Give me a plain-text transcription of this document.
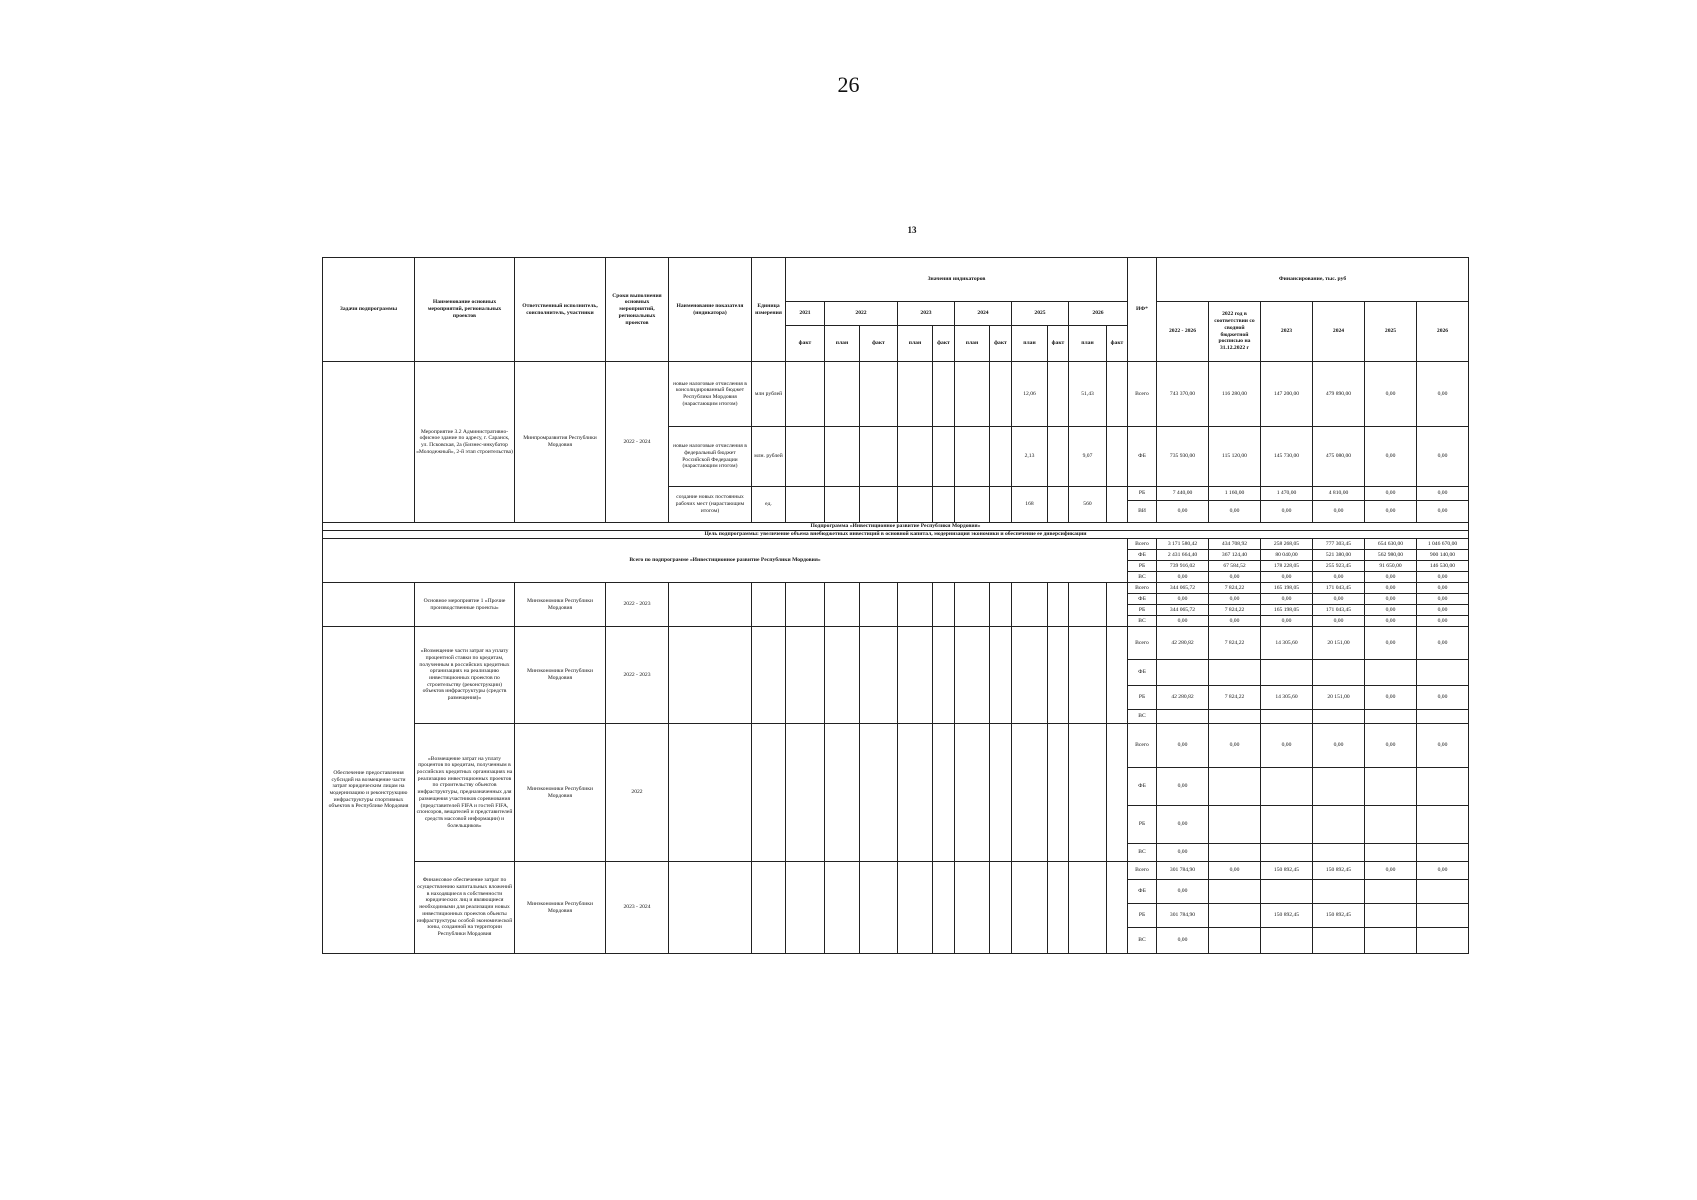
26
13
Задачи подпрограммы	Наименование основных мероприятий, региональных проектов	Ответственный исполнитель, соисполнитель, участники	Сроки выполнения основных мероприятий, региональных проектов	Наименование показателя (индикатора)	Единица измерения	Значения индикаторов											ИФ*	Финансирование, тыс. руб					
						2021	2022		2023		2024		2025		2026			2022 - 2026	2022 год в соответствии со сводной бюджетной росписью на 31.12.2022 г	2023	2024	2025	2026
						факт	план	факт	план	факт	план	факт	план	факт	план	факт							
	Мероприятие 3.2 Административно-офисное здание по адресу, г. Саранск, ул. Псковская, 2а (Бизнес-инкубатор «Молодежный», 2-й этап строительства)	Минпромразвития Республики Мордовия	2022 - 2024	новые налоговые отчисления в консолидированный бюджет Республики Мордовия (нарастающим итогом)	млн рублей								12,06		51,43		Всего	743 370,00	116 280,00	147 200,00	479 890,00	0,00	0,00
				новые налоговые отчисления в федеральный бюджет Российской Федерации (нарастающим итогом)	млн. рублей								2,13		9,07		ФБ	735 930,00	115 120,00	145 730,00	475 080,00	0,00	0,00
				создание новых постоянных рабочих мест (нарастающим итогом)	ед.								168		560		РБ	7 440,00	1 160,00	1 470,00	4 810,00	0,00	0,00
																	ВИ	0,00	0,00	0,00	0,00	0,00	0,00
Подпрограмма «Инвестиционное развитие Республики Мордовия»																							
Цель подпрограммы: увеличение объема внебюджетных инвестиций в основной капитал, модернизация экономики и обеспечение ее диверсификации																							
Всего по подпрограмме «Инвестиционное развитие Республики Мордовия»																	Всего	3 171 580,42	434 708,92	258 268,05	777 303,45	654 630,00	1 046 670,00
																	ФБ	2 431 664,40	367 124,40	80 040,00	521 380,00	562 980,00	900 140,00
																	РБ	739 916,02	67 584,52	178 228,05	255 923,45	91 650,00	146 530,00
																	ВС	0,00	0,00	0,00	0,00	0,00	0,00
	Основное мероприятие 1 «Прочие производственные проекты»	Минэкономики Республики Мордовия	2022 - 2023														Всего	344 065,72	7 824,22	165 198,05	171 043,45	0,00	0,00
																	ФБ	0,00	0,00	0,00	0,00	0,00	0,00
																	РБ	344 065,72	7 824,22	165 198,05	171 043,45	0,00	0,00
																	ВС	0,00	0,00	0,00	0,00	0,00	0,00
Обеспечение предоставления субсидий на возмещение части затрат юридическим лицам на модернизацию и реконструкцию инфраструктуры спортивных объектов в Республике Мордовия	«Возмещение части затрат на уплату процентной ставки по кредитам, полученным в российских кредитных организациях на реализацию инвестиционных проектов по строительству (реконструкции) объектов инфраструктуры (средств размещения)»	Минэкономики Республики Мордовия	2022 - 2023														Всего	42 280,82	7 824,22	14 305,60	20 151,00	0,00	0,00
																	ФБ						
																	РБ	42 280,82	7 824,22	14 305,60	20 151,00	0,00	0,00
																	ВС						
	«Возмещение затрат на уплату процентов по кредитам, полученным в российских кредитных организациях на реализацию инвестиционных проектов по строительству объектов инфраструктуры, предназначенных для размещения участников соревнования (представителей FIFA и гостей FIFA, спонсоров, вещателей и представителей средств массовой информации) и болельщиков»	Минэкономики Республики Мордовия	2022														Всего	0,00	0,00	0,00	0,00	0,00	0,00
																	ФБ	0,00					
																	РБ	0,00					
																	ВС	0,00					
	Финансовое обеспечение затрат по осуществлению капитальных вложений в находящиеся в собственности юридических лиц и являющиеся необходимыми для реализации новых инвестиционных проектов объекты инфраструктуры особой экономической зоны, созданной на территории Республики Мордовия	Минэкономики Республики Мордовия	2023 - 2024														Всего	301 784,90	0,00	150 892,45	150 892,45	0,00	0,00
																	ФБ	0,00					
																	РБ	301 784,90		150 892,45	150 892,45		
																	ВС	0,00					
